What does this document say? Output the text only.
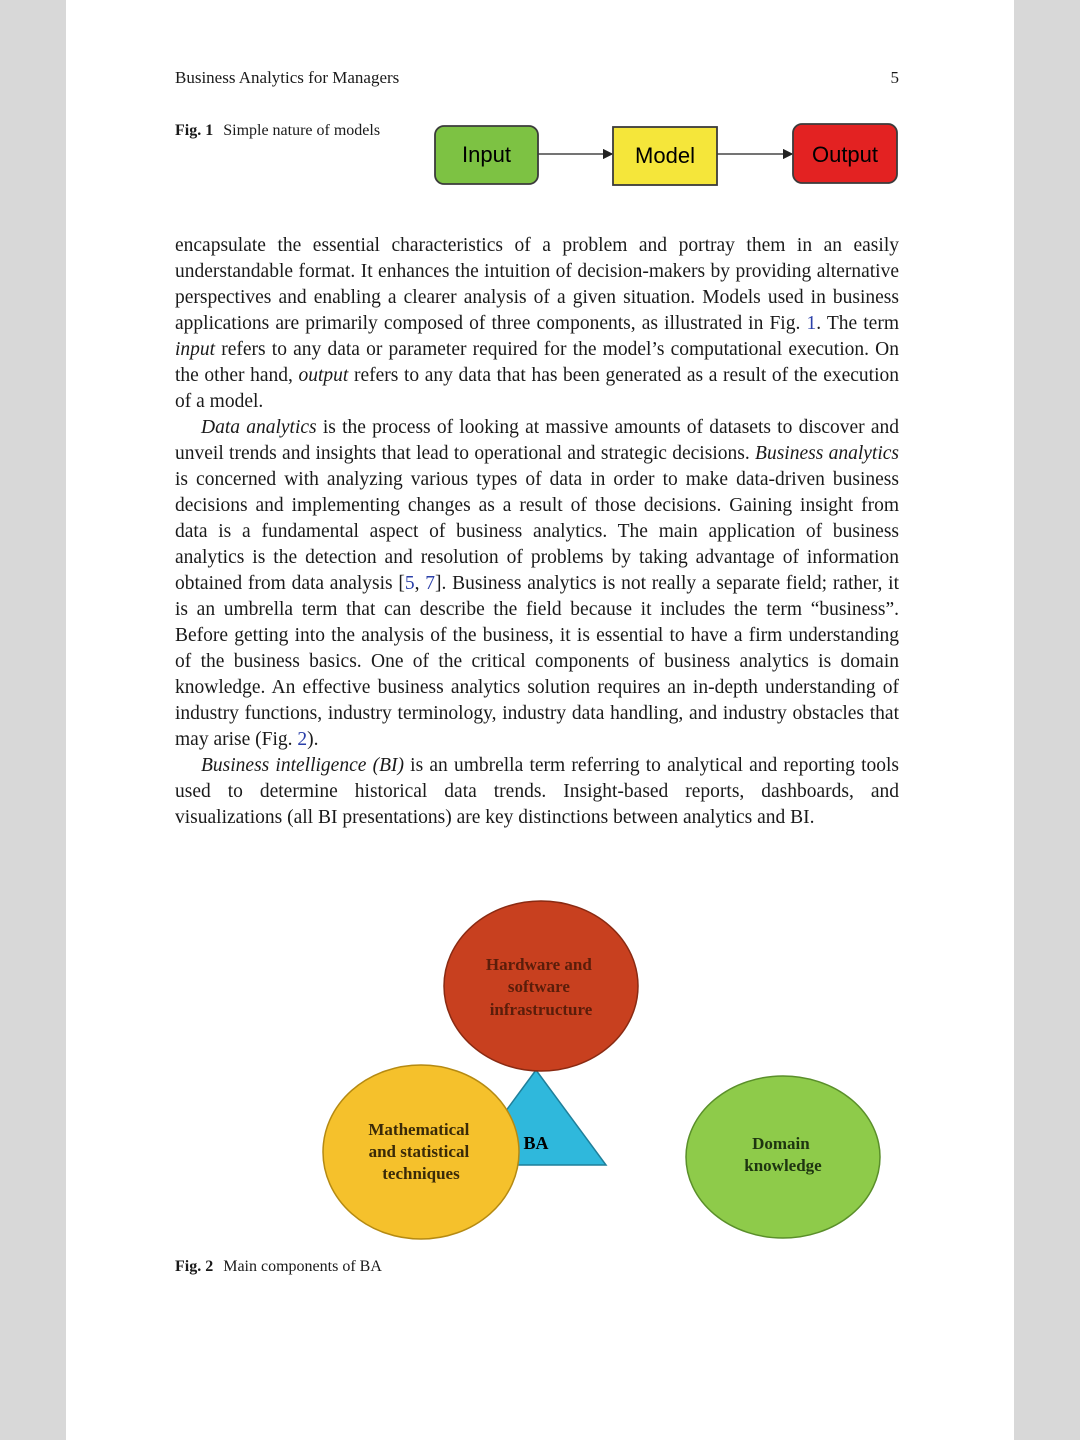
Business Analytics for Managers	5
Fig. 1 Simple nature of models
Input	Model	Output

encapsulate the essential characteristics of a problem and portray them in an easily understandable format. It enhances the intuition of decision-makers by providing alternative perspectives and enabling a clearer analysis of a given situation. Models used in business applications are primarily composed of three components, as illustrated in Fig. 1. The term input refers to any data or parameter required for the model’s computational execution. On the other hand, output refers to any data that has been generated as a result of the execution of a model.

Data analytics is the process of looking at massive amounts of datasets to discover and unveil trends and insights that lead to operational and strategic decisions. Business analytics is concerned with analyzing various types of data in order to make data-driven business decisions and implementing changes as a result of those decisions. Gaining insight from data is a fundamental aspect of business analytics. The main application of business analytics is the detection and resolution of problems by taking advantage of information obtained from data analysis [5, 7]. Business analytics is not really a separate field; rather, it is an umbrella term that can describe the field because it includes the term “business”. Before getting into the analysis of the business, it is essential to have a firm understanding of the business basics. One of the critical components of business analytics is domain knowledge. An effective business analytics solution requires an in-depth understanding of industry functions, industry terminology, industry data handling, and industry obstacles that may arise (Fig. 2).

Business intelligence (BI) is an umbrella term referring to analytical and reporting tools used to determine historical data trends. Insight-based reports, dashboards, and visualizations (all BI presentations) are key distinctions between analytics and BI.

BA
Hardware and software infrastructure
Mathematical and statistical techniques
Domain knowledge
Fig. 2 Main components of BA
